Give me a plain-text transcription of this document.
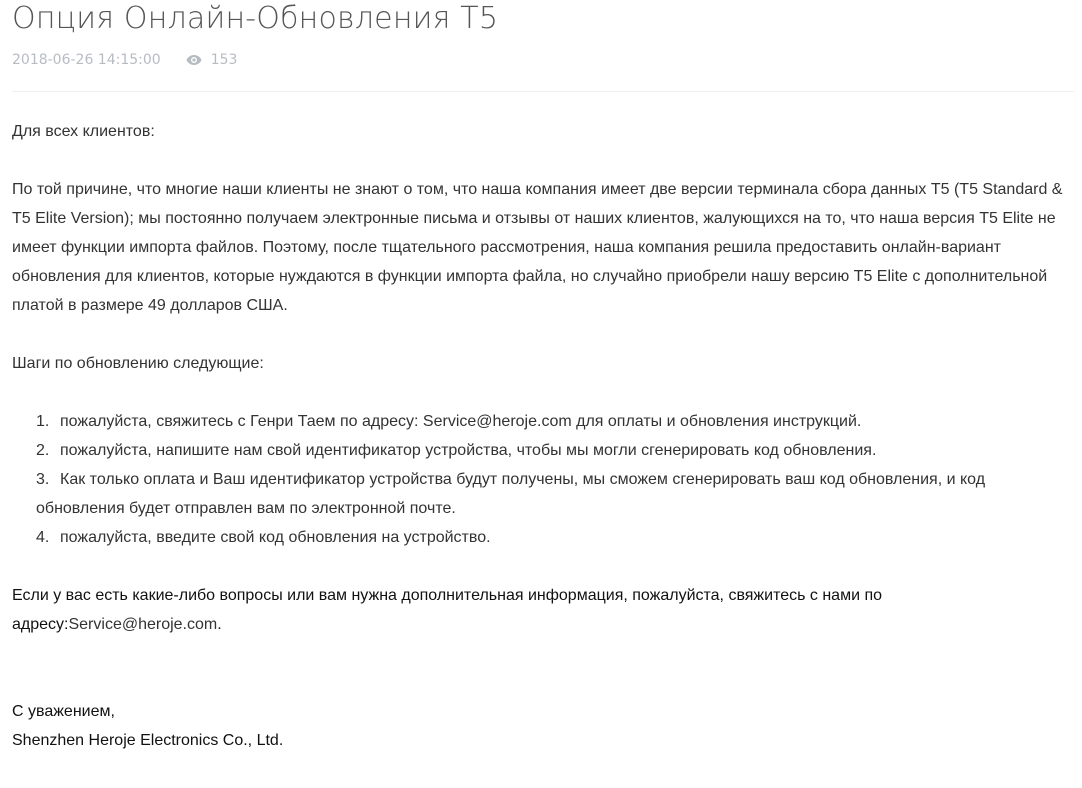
Опция Онлайн-Обновления T5
2018-06-26 14:15:00	153

Для всех клиентов:

По той причине, что многие наши клиенты не знают о том, что наша компания имеет две версии терминала сбора данных T5 (T5 Standard & T5 Elite Version); мы постоянно получаем электронные письма и отзывы от наших клиентов, жалующихся на то, что наша версия T5 Elite не имеет функции импорта файлов. Поэтому, после тщательного рассмотрения, наша компания решила предоставить онлайн-вариант обновления для клиентов, которые нуждаются в функции импорта файла, но случайно приобрели нашу версию T5 Elite с дополнительной платой в размере 49 долларов США.

Шаги по обновлению следующие:

1. пожалуйста, свяжитесь с Генри Таем по адресу: Service@heroje.com для оплаты и обновления инструкций.
2. пожалуйста, напишите нам свой идентификатор устройства, чтобы мы могли сгенерировать код обновления.
3. Как только оплата и Ваш идентификатор устройства будут получены, мы сможем сгенерировать ваш код обновления, и код обновления будет отправлен вам по электронной почте.
4. пожалуйста, введите свой код обновления на устройство.

Если у вас есть какие-либо вопросы или вам нужна дополнительная информация, пожалуйста, свяжитесь с нами по адресу:Service@heroje.com.

С уважением,

Shenzhen Heroje Electronics Co., Ltd.
